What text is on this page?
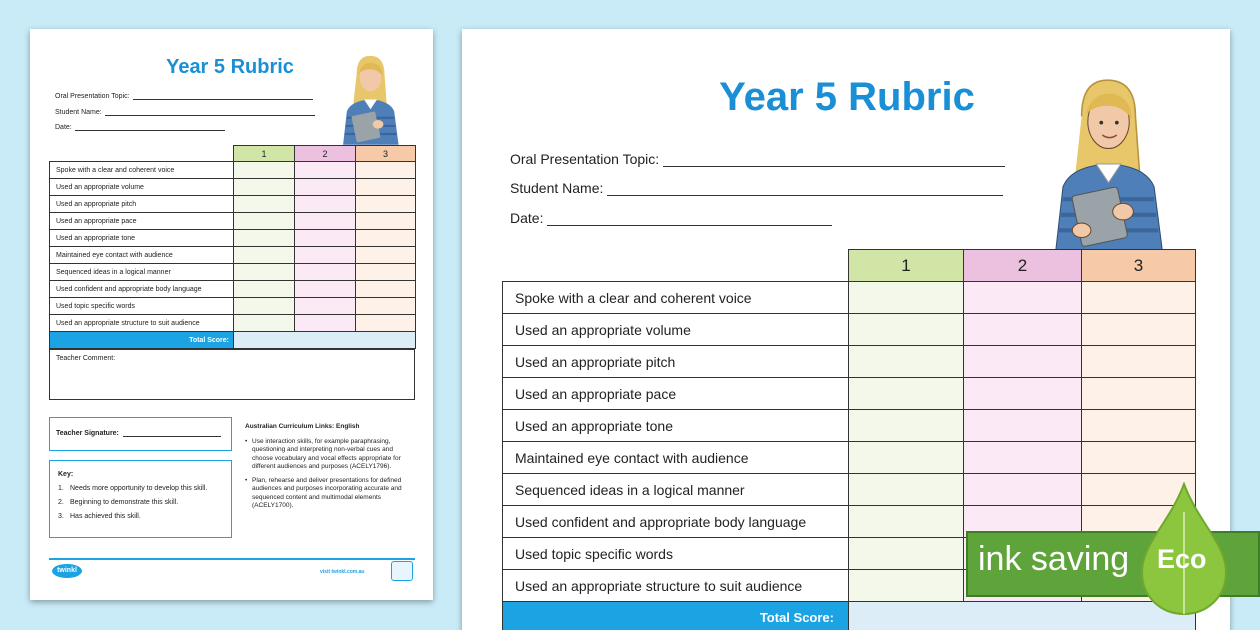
Year 5 Rubric
Oral Presentation Topic:
Student Name:
Date:
	1	2	3
Spoke with a clear and coherent voice			
Used an appropriate volume			
Used an appropriate pitch			
Used an appropriate pace			
Used an appropriate tone			
Maintained eye contact with audience			
Sequenced ideas in a logical manner			
Used confident and appropriate body language			
Used topic specific words			
Used an appropriate structure to suit audience			
Total Score:			
Teacher Comment:
Teacher Signature:
Key:
1. Needs more opportunity to develop this skill.
2. Beginning to demonstrate this skill.
3. Has achieved this skill.
Australian Curriculum Links: English
• Use interaction skills, for example paraphrasing, questioning and interpreting non-verbal cues and choose vocabulary and vocal effects appropriate for different audiences and purposes (ACELY1796).
• Plan, rehearse and deliver presentations for defined audiences and purposes incorporating accurate and sequenced content and multimodal elements (ACELY1700).
twinkl	visit twinkl.com.au
Year 5 Rubric
Oral Presentation Topic:
Student Name:
Date:
	1	2	3
Spoke with a clear and coherent voice			
Used an appropriate volume			
Used an appropriate pitch			
Used an appropriate pace			
Used an appropriate tone			
Maintained eye contact with audience			
Sequenced ideas in a logical manner			
Used confident and appropriate body language			
Used topic specific words			
Used an appropriate structure to suit audience			
Total Score:			
ink saving Eco
